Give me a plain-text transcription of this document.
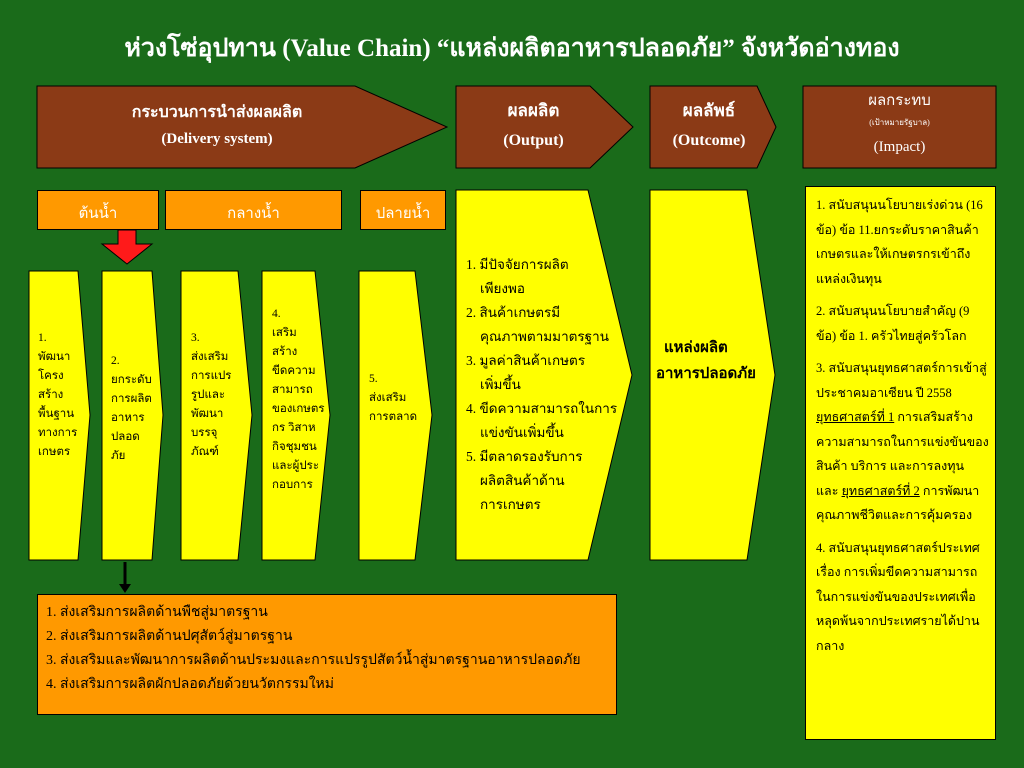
ห่วงโซ่อุปทาน (Value Chain) “แหล่งผลิตอาหารปลอดภัย” จังหวัดอ่างทอง
กระบวนการนำส่งผลผลิต
(Delivery system)
ผลผลิต
(Output)
ผลลัพธ์
(Outcome)
ผลกระทบ
(เป้าหมายรัฐบาล)
(Impact)
ต้นน้ำ	กลางน้ำ	ปลายน้ำ
1.
พัฒนา
โครง
สร้าง
พื้นฐาน
ทางการ
เกษตร
2.
ยกระดับ
การผลิต
อาหาร
ปลอด
ภัย
3.
ส่งเสริม
การแปร
รูปและ
พัฒนา
บรรจุ
ภัณฑ์
4.
เสริม
สร้าง
ขีดความ
สามารถ
ของเกษตร
กร วิสาห
กิจชุมชน
และผู้ประ
กอบการ
5.
ส่งเสริม
การตลาด
1. มีปัจจัยการผลิต
เพียงพอ
2. สินค้าเกษตรมี
คุณภาพตามมาตรฐาน
3. มูลค่าสินค้าเกษตร
เพิ่มขึ้น
4. ขีดความสามารถในการ
แข่งขันเพิ่มขึ้น
5. มีตลาดรองรับการ
ผลิตสินค้าด้าน
การเกษตร
แหล่งผลิต
อาหารปลอดภัย

1. สนับสนุนนโยบายเร่งด่วน (16 ข้อ) ข้อ 11.ยกระดับราคาสินค้าเกษตรและให้เกษตรกรเข้าถึงแหล่งเงินทุน

2. สนับสนุนนโยบายสำคัญ (9 ข้อ) ข้อ 1. ครัวไทยสู่ครัวโลก

3. สนับสนุนยุทธศาสตร์การเข้าสู่ประชาคมอาเซียน ปี 2558 ยุทธศาสตร์ที่ 1 การเสริมสร้างความสามารถในการแข่งขันของสินค้า บริการ และการลงทุน และ ยุทธศาสตร์ที่ 2 การพัฒนาคุณภาพชีวิตและการคุ้มครอง

4. สนับสนุนยุทธศาสตร์ประเทศ เรื่อง การเพิ่มขีดความสามารถในการแข่งขันของประเทศเพื่อหลุดพ้นจากประเทศรายได้ปานกลาง

1. ส่งเสริมการผลิตด้านพืชสู่มาตรฐาน
2. ส่งเสริมการผลิตด้านปศุสัตว์สู่มาตรฐาน
3. ส่งเสริมและพัฒนาการผลิตด้านประมงและการแปรรูปสัตว์น้ำสู่มาตรฐานอาหารปลอดภัย
4. ส่งเสริมการผลิตผักปลอดภัยด้วยนวัตกรรมใหม่
